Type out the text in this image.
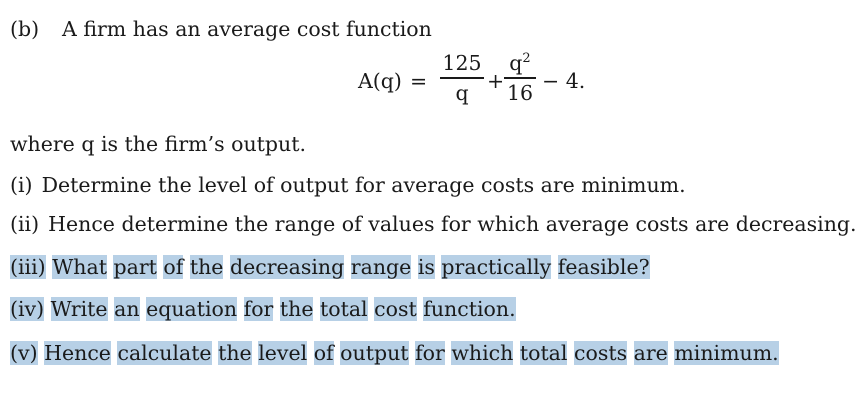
(b) A firm has an average cost function
A(q) =
125
q +
$q^2$
16 − 4.
where q is the firm’s output.
(i) Determine the level of output for average costs are minimum.
(ii) Hence determine the range of values for which average costs are decreasing.
(iii) What part of the decreasing range is practically feasible?
(iv) Write an equation for the total cost function.
(v) Hence calculate the level of output for which total costs are minimum.
